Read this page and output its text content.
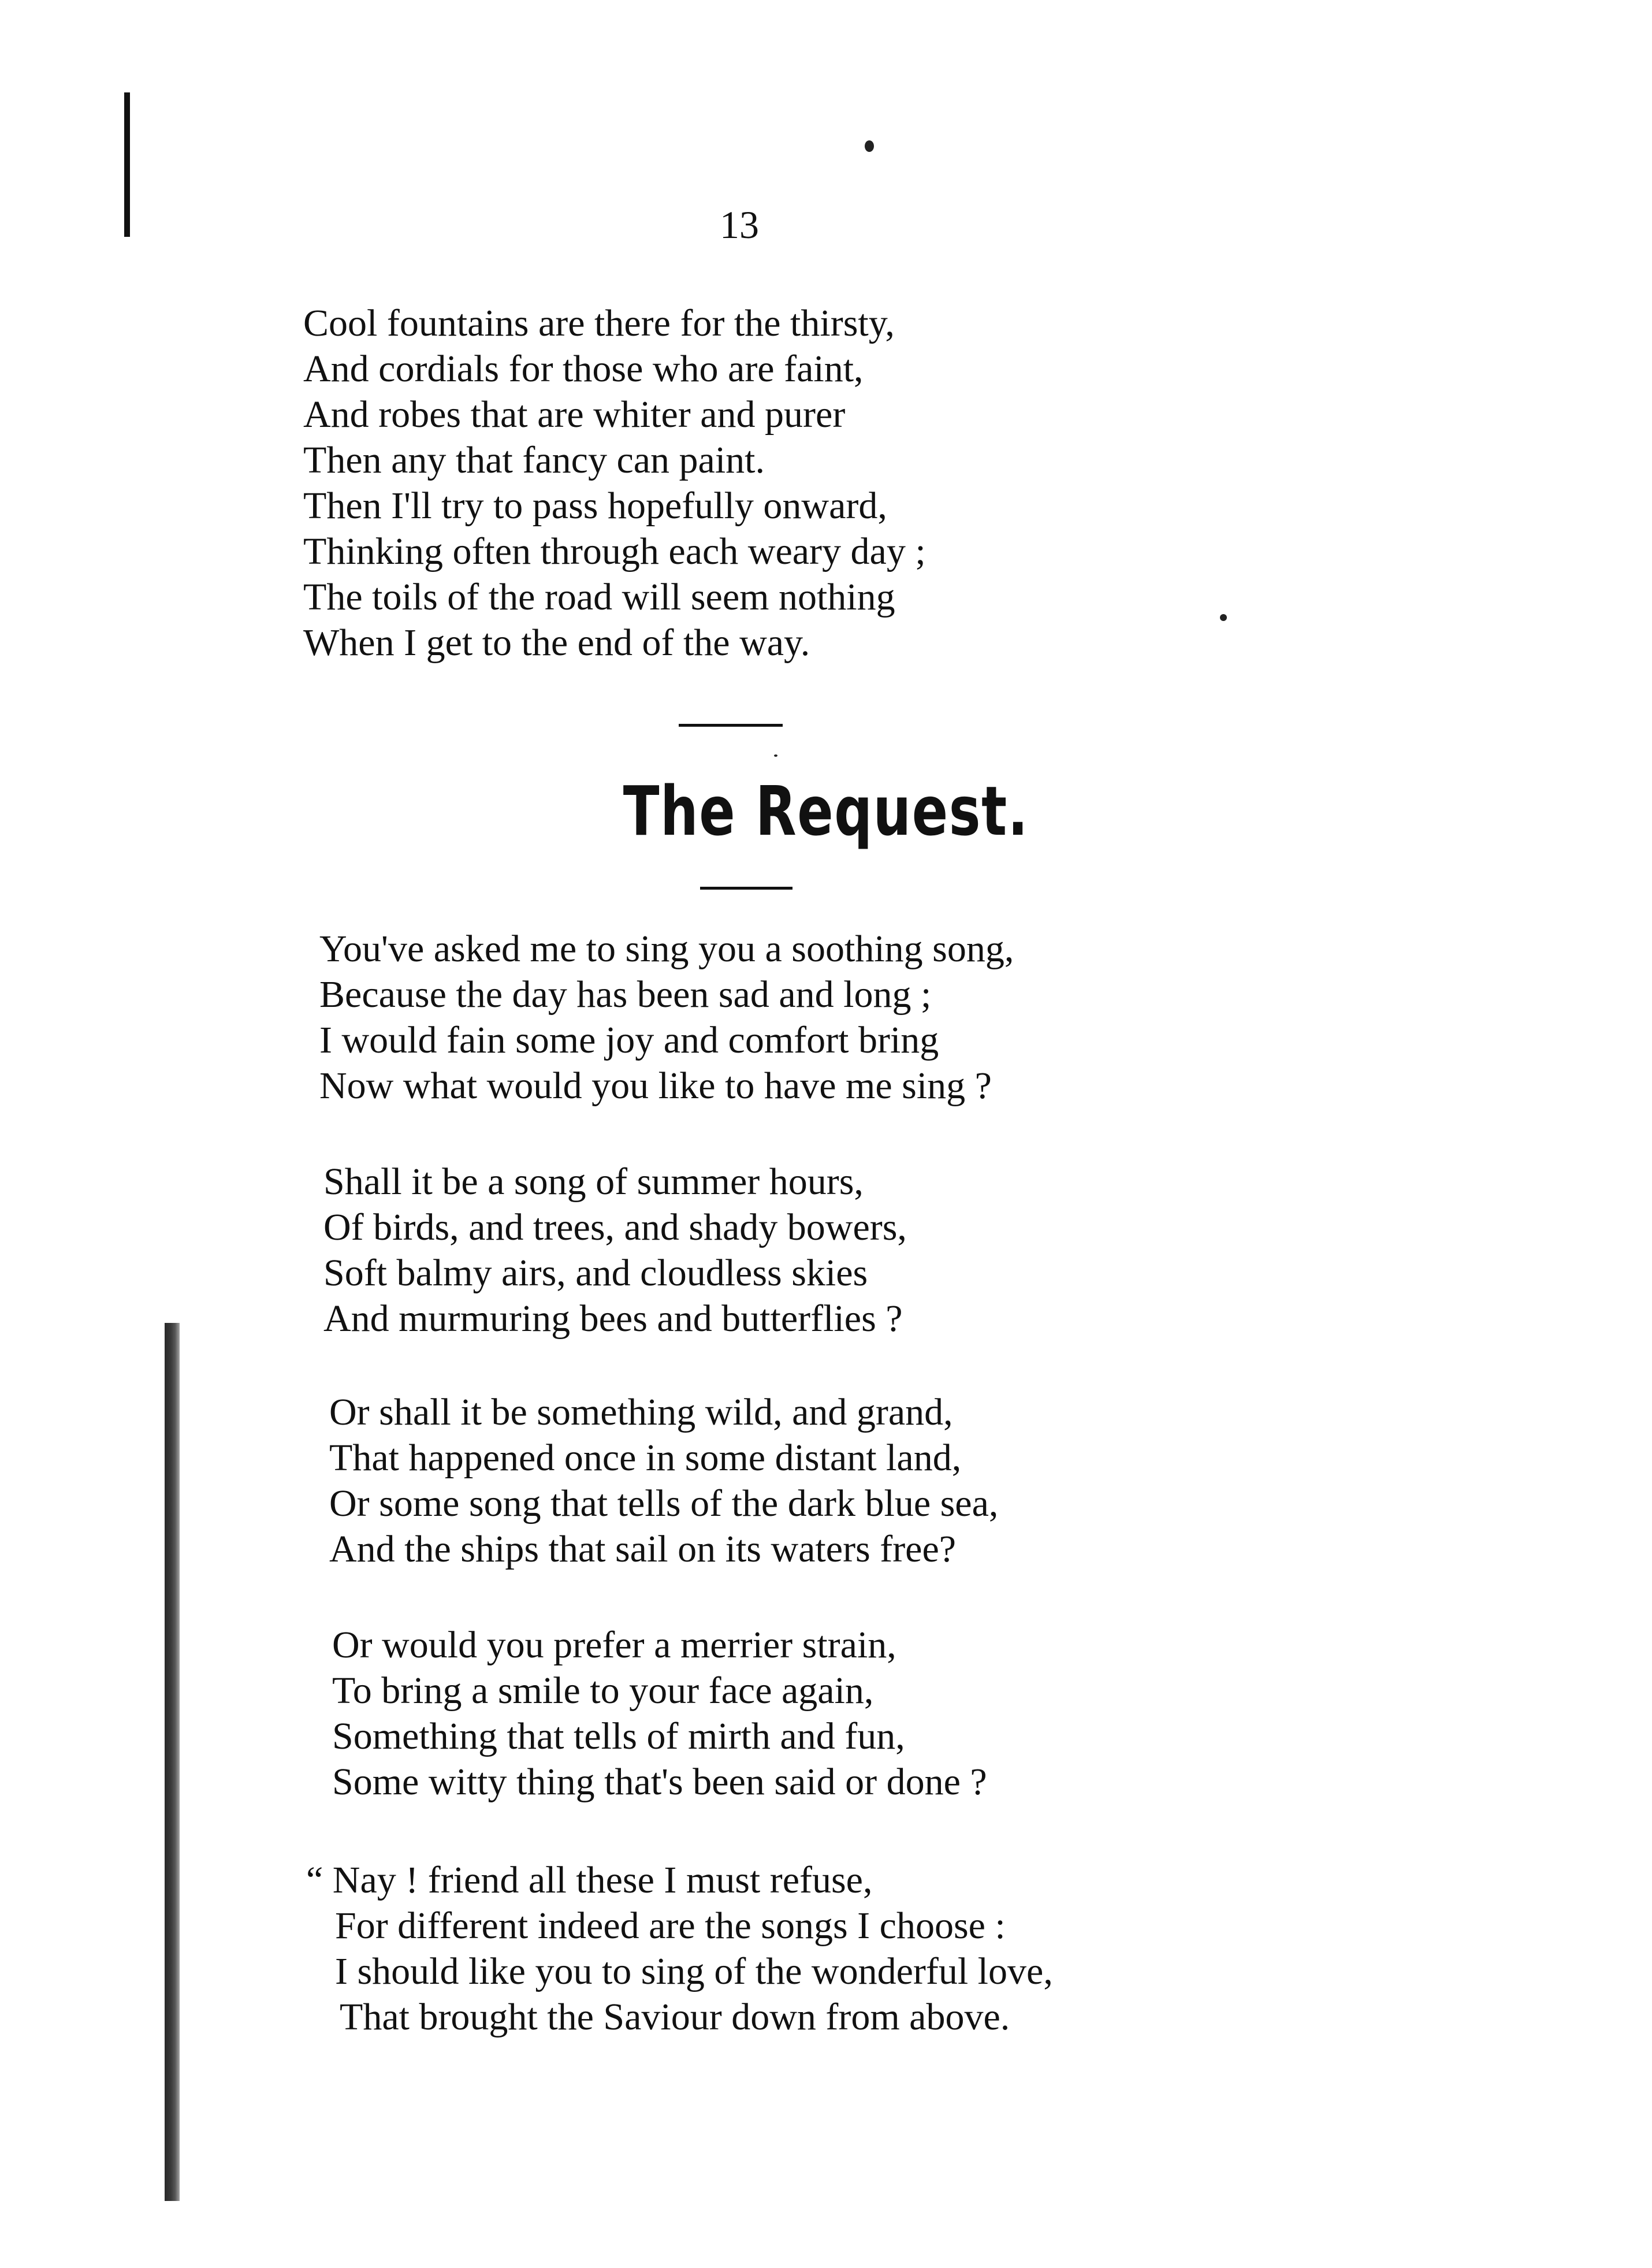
13

Cool fountains are there for the thirsty,
And cordials for those who are faint,
And robes that are whiter and purer
Then any that fancy can paint.
Then I'll try to pass hopefully onward,
Thinking often through each weary day ;
The toils of the road will seem nothing
When I get to the end of the way.
The Request.
You've asked me to sing you a soothing song,
Because the day has been sad and long ;
I would fain some joy and comfort bring
Now what would you like to have me sing ?
Shall it be a song of summer hours,
Of birds, and trees, and shady bowers,
Soft balmy airs, and cloudless skies
And murmuring bees and butterflies ?
Or shall it be something wild, and grand,
That happened once in some distant land,
Or some song that tells of the dark blue sea,
And the ships that sail on its waters free?
Or would you prefer a merrier strain,
To bring a smile to your face again,
Something that tells of mirth and fun,
Some witty thing that's been said or done ?
“ Nay ! friend all these I must refuse,
For different indeed are the songs I choose :
I should like you to sing of the wonderful love,
That brought the Saviour down from above.
